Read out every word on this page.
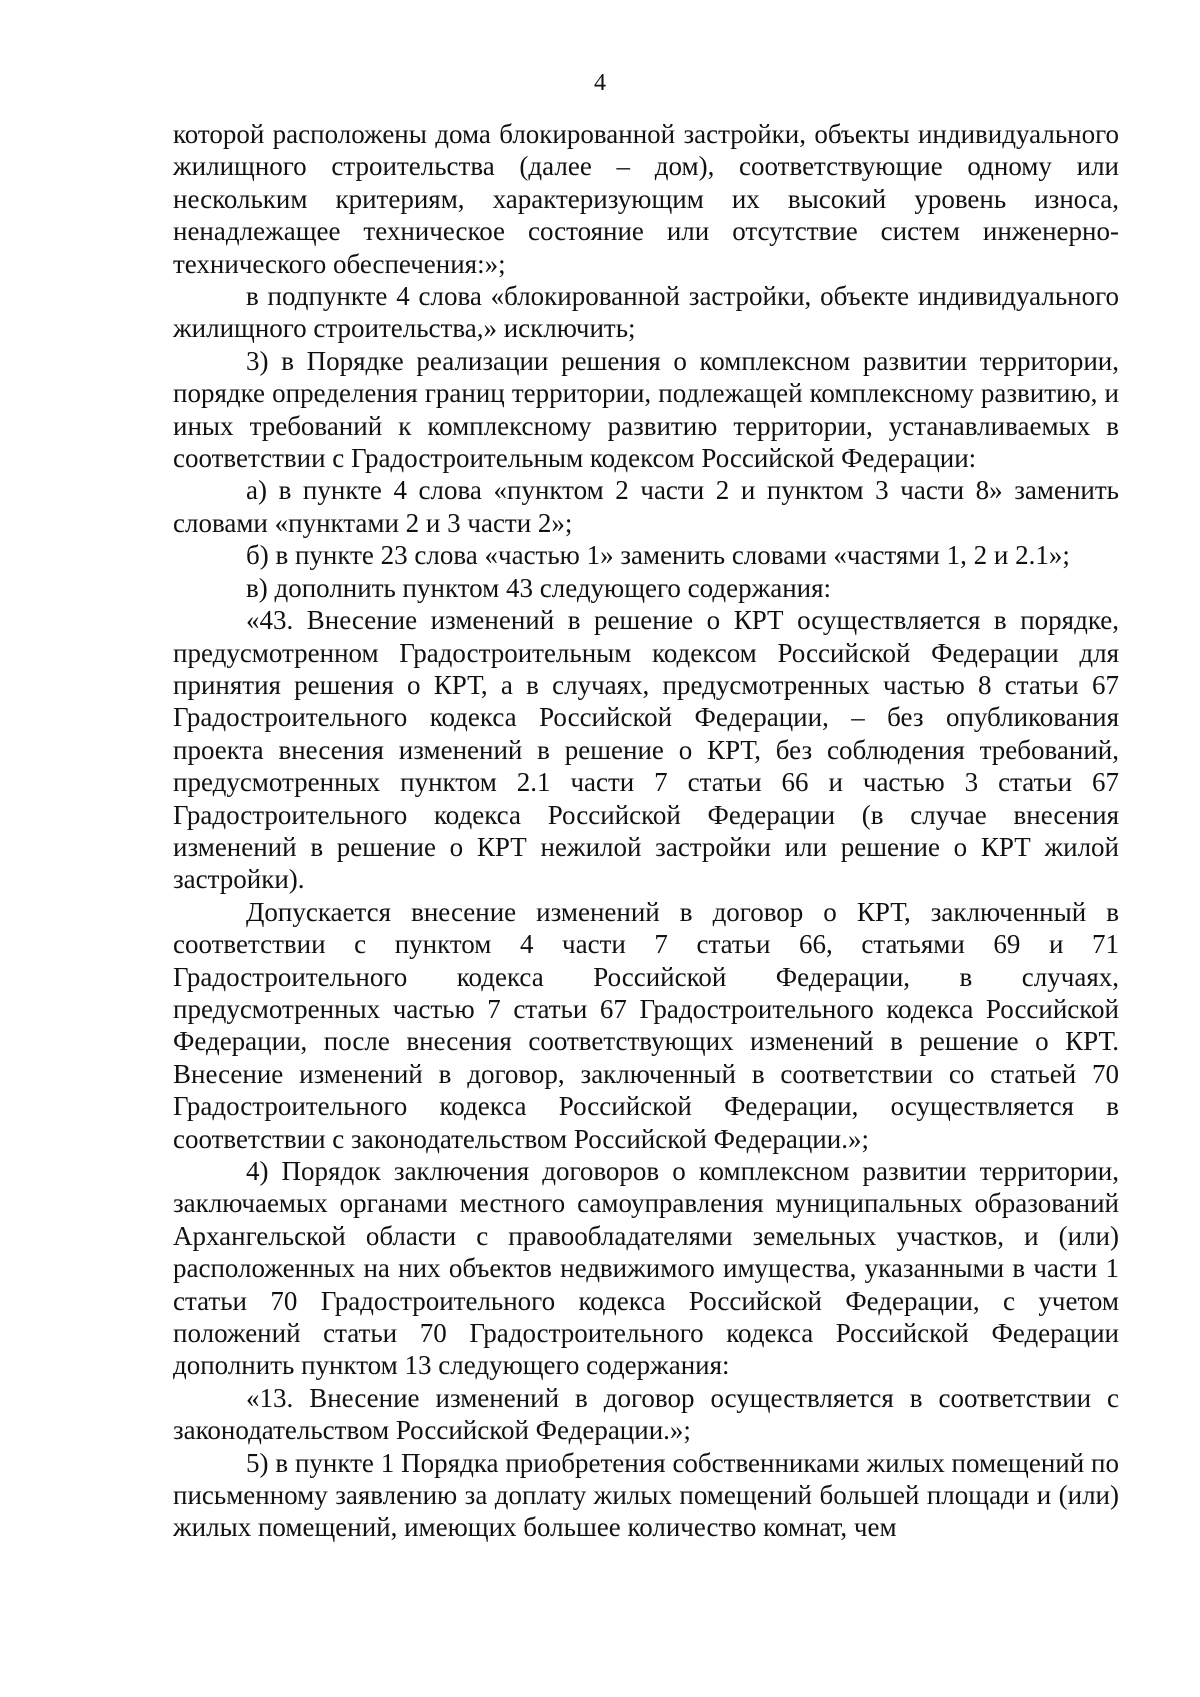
4

которой расположены дома блокированной застройки, объекты индивидуального жилищного строительства (далее – дом), соответствующие одному или нескольким критериям, характеризующим их высокий уровень износа, ненадлежащее техническое состояние или отсутствие систем инженерно-технического обеспечения:»;

в подпункте 4 слова «блокированной застройки, объекте индивидуального жилищного строительства,» исключить;

3) в Порядке реализации решения о комплексном развитии территории, порядке определения границ территории, подлежащей комплексному развитию, и иных требований к комплексному развитию территории, устанавливаемых в соответствии с Градостроительным кодексом Российской Федерации:

а) в пункте 4 слова «пунктом 2 части 2 и пунктом 3 части 8» заменить словами «пунктами 2 и 3 части 2»;

б) в пункте 23 слова «частью 1» заменить словами «частями 1, 2 и 2.1»;

в) дополнить пунктом 43 следующего содержания:

«43. Внесение изменений в решение о КРТ осуществляется в порядке, предусмотренном Градостроительным кодексом Российской Федерации для принятия решения о КРТ, а в случаях, предусмотренных частью 8 статьи 67 Градостроительного кодекса Российской Федерации, – без опубликования проекта внесения изменений в решение о КРТ, без соблюдения требований, предусмотренных пунктом 2.1 части 7 статьи 66 и частью 3 статьи 67 Градостроительного кодекса Российской Федерации (в случае внесения изменений в решение о КРТ нежилой застройки или решение о КРТ жилой застройки).

Допускается внесение изменений в договор о КРТ, заключенный в соответствии с пунктом 4 части 7 статьи 66, статьями 69 и 71 Градостроительного кодекса Российской Федерации, в случаях, предусмотренных частью 7 статьи 67 Градостроительного кодекса Российской Федерации, после внесения соответствующих изменений в решение о КРТ. Внесение изменений в договор, заключенный в соответствии со статьей 70 Градостроительного кодекса Российской Федерации, осуществляется в соответствии с законодательством Российской Федерации.»;

4) Порядок заключения договоров о комплексном развитии территории, заключаемых органами местного самоуправления муниципальных образований Архангельской области с правообладателями земельных участков, и (или) расположенных на них объектов недвижимого имущества, указанными в части 1 статьи 70 Градостроительного кодекса Российской Федерации, с учетом положений статьи 70 Градостроительного кодекса Российской Федерации дополнить пунктом 13 следующего содержания:

«13. Внесение изменений в договор осуществляется в соответствии с законодательством Российской Федерации.»;

5) в пункте 1 Порядка приобретения собственниками жилых помещений по письменному заявлению за доплату жилых помещений большей площади и (или) жилых помещений, имеющих большее количество комнат, чем
